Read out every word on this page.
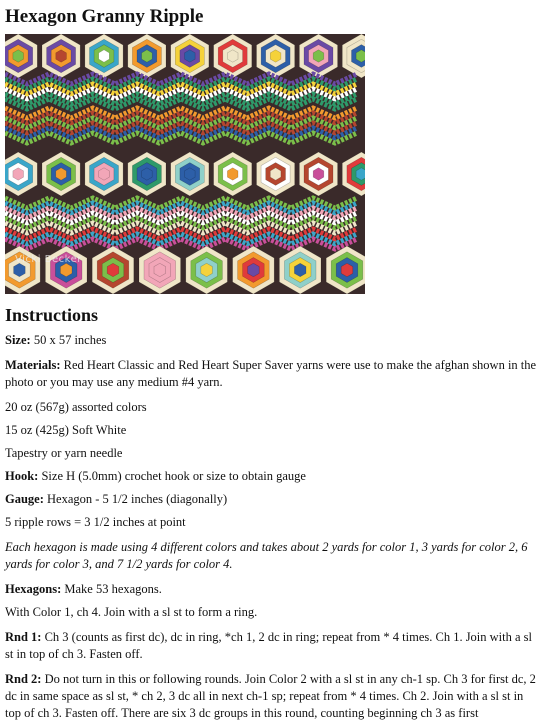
Hexagon Granny Ripple
Vicki Becker
Instructions

Size: 50 x 57 inches

Materials: Red Heart Classic and Red Heart Super Saver yarns were use to make the afghan shown in the photo or you may use any medium #4 yarn.

20 oz (567g) assorted colors

15 oz (425g) Soft White

Tapestry or yarn needle

Hook: Size H (5.0mm) crochet hook or size to obtain gauge

Gauge: Hexagon - 5 1/2 inches (diagonally)

5 ripple rows = 3 1/2 inches at point

Each hexagon is made using 4 different colors and takes about 2 yards for color 1, 3 yards for color 2, 6 yards for color 3, and 7 1/2 yards for color 4.

Hexagons: Make 53 hexagons.

With Color 1, ch 4. Join with a sl st to form a ring.

Rnd 1: Ch 3 (counts as first dc), dc in ring, *ch 1, 2 dc in ring; repeat from * 4 times. Ch 1. Join with a sl st in top of ch 3. Fasten off.

Rnd 2: Do not turn in this or following rounds. Join Color 2 with a sl st in any ch-1 sp. Ch 3 for first dc, 2 dc in same space as sl st, * ch 2, 3 dc all in next ch-1 sp; repeat from * 4 times. Ch 2. Join with a sl st in top of ch 3. Fasten off. There are six 3 dc groups in this round, counting beginning ch 3 as first
